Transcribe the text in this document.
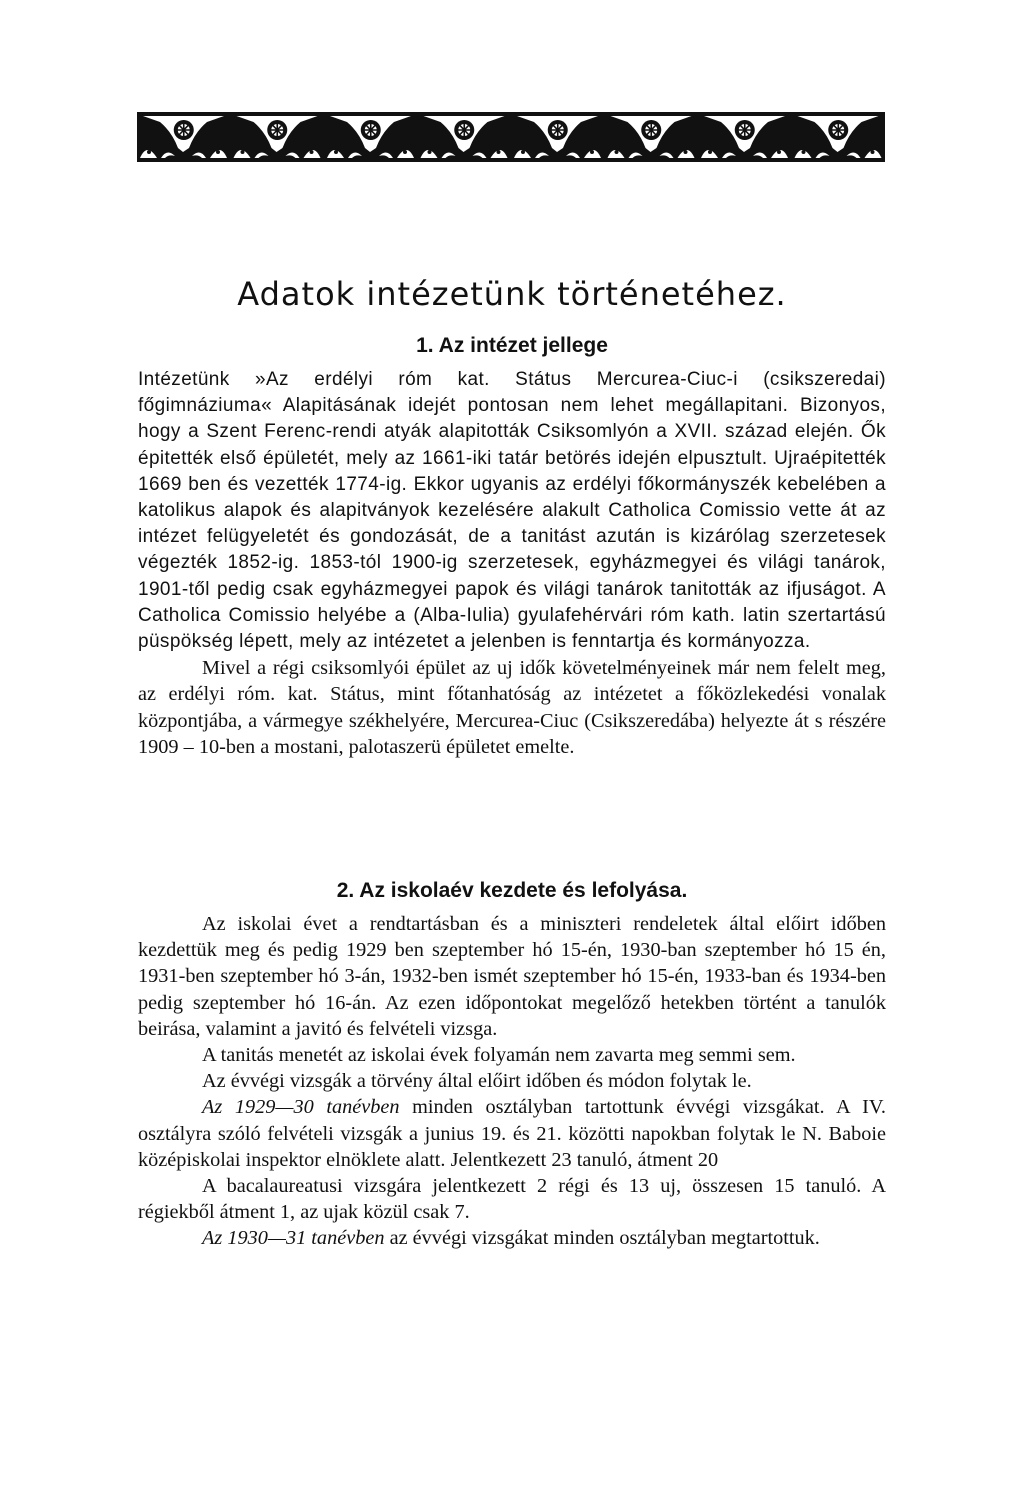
Adatok intézetünk történetéhez.
1. Az intézet jellege

Intézetünk »Az erdélyi róm kat. Státus Mercurea-Ciuc-i (csikszeredai) főgimnáziuma« Alapitásának idejét pontosan nem lehet megállapitani. Bizonyos, hogy a Szent Ferenc-rendi atyák alapitották Csiksomlyón a XVII. század elején. Ők épitették első épületét, mely az 1661-iki tatár betörés idején elpusztult. Ujraépitették 1669 ben és vezették 1774-ig. Ekkor ugyanis az erdélyi főkormányszék kebelében a katolikus alapok és alapitványok kezelésére alakult Catholica Comissio vette át az intézet felügyeletét és gondozását, de a tanitást azután is kizárólag szerzetesek végezték 1852-ig. 1853-tól 1900-ig szerzetesek, egyházmegyei és világi tanárok, 1901-től pedig csak egyházmegyei papok és világi tanárok tanitották az ifjuságot. A Catholica Comissio helyébe a (Alba-Iulia) gyulafehérvári róm kath. latin szertartású püspökség lépett, mely az intézetet a jelenben is fenntartja és kormányozza.

Mivel a régi csiksomlyói épület az uj idők követelményeinek már nem felelt meg, az erdélyi róm. kat. Státus, mint főtanhatóság az intézetet a főközlekedési vonalak központjába, a vármegye székhelyére, Mercurea-Ciuc (Csikszeredába) helyezte át s részére 1909 – 10-ben a mostani, palotaszerü épületet emelte.

2. Az iskolaév kezdete és lefolyása.

Az iskolai évet a rendtartásban és a miniszteri rendeletek által előirt időben kezdettük meg és pedig 1929 ben szeptember hó 15-én, 1930-ban szeptember hó 15 én, 1931-ben szeptember hó 3-án, 1932-ben ismét szeptember hó 15-én, 1933-ban és 1934-ben pedig szeptember hó 16-án. Az ezen időpontokat megelőző hetekben történt a tanulók beirása, valamint a javitó és felvételi vizsga.

A tanitás menetét az iskolai évek folyamán nem zavarta meg semmi sem.

Az évvégi vizsgák a törvény által előirt időben és módon folytak le.

Az 1929—30 tanévben minden osztályban tartottunk évvégi vizsgákat. A IV. osztályra szóló felvételi vizsgák a junius 19. és 21. közötti napokban folytak le N. Baboie középiskolai inspektor elnöklete alatt. Jelentkezett 23 tanuló, átment 20

A bacalaureatusi vizsgára jelentkezett 2 régi és 13 uj, összesen 15 tanuló. A régiekből átment 1, az ujak közül csak 7.

Az 1930—31 tanévben az évvégi vizsgákat minden osztályban megtartottuk.
